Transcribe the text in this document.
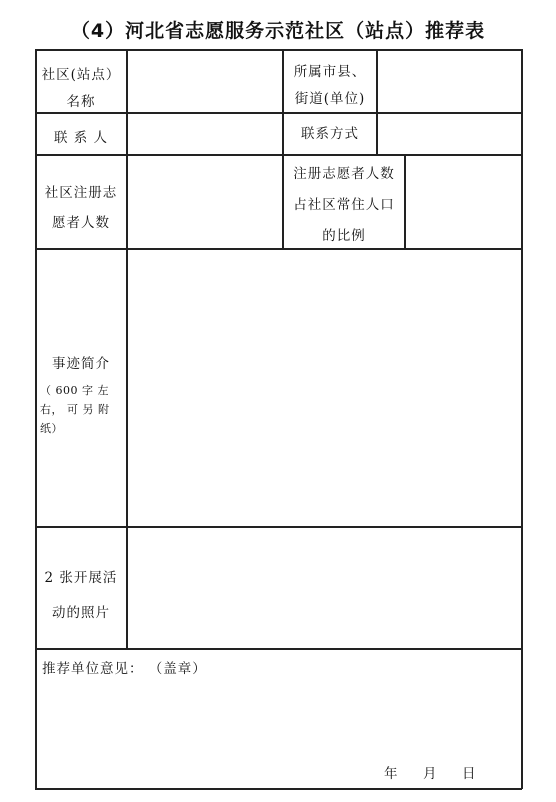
（4）河北省志愿服务示范社区（站点）推荐表
社区(站点）
名称
所属市县、
街道(单位)
联 系 人	联系方式
社区注册志
愿者人数
注册志愿者人数
占社区常住人口
的比例
事迹简介
（ 600 字 左
右， 可 另 附
纸）
2 张开展活
动的照片
推荐单位意见： （盖章）
年 月 日
